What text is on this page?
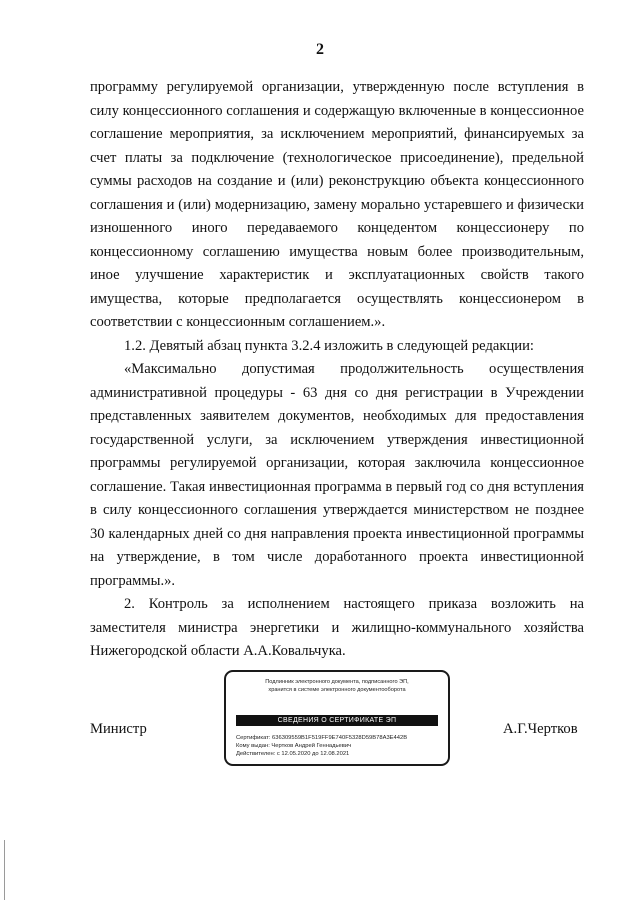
2

программу регулируемой организации, утвержденную после вступления в силу концессионного соглашения и содержащую включенные в концессионное соглашение мероприятия, за исключением мероприятий, финансируемых за счет платы за подключение (технологическое присоединение), предельной суммы расходов на создание и (или) реконструкцию объекта концессионного соглашения и (или) модернизацию, замену морально устаревшего и физически изношенного иного передаваемого концедентом концессионеру по концессионному соглашению имущества новым более производительным, иное улучшение характеристик и эксплуатационных свойств такого имущества, которые предполагается осуществлять концессионером в соответствии с концессионным соглашением.».

1.2. Девятый абзац пункта 3.2.4 изложить в следующей редакции:

«Максимально допустимая продолжительность осуществления административной процедуры - 63 дня со дня регистрации в Учреждении представленных заявителем документов, необходимых для предоставления государственной услуги, за исключением утверждения инвестиционной программы регулируемой организации, которая заключила концессионное соглашение. Такая инвестиционная программа в первый год со дня вступления в силу концессионного соглашения утверждается министерством не позднее 30 календарных дней со дня направления проекта инвестиционной программы на утверждение, в том числе доработанного проекта инвестиционной программы.».

2. Контроль за исполнением настоящего приказа возложить на заместителя министра энергетики и жилищно-коммунального хозяйства Нижегородской области А.А.Ковальчука.

Министр
Подлинник электронного документа, подписанного ЭП,
хранится в системе электронного документооборота
СВЕДЕНИЯ О СЕРТИФИКАТЕ ЭП
Сертификат: 636309559B1F519FF9E740F5328D59B78A3E442B
Кому выдан: Чертков Андрей Геннадьевич
Действителен: с 12.05.2020 до 12.08.2021
А.Г.Чертков
